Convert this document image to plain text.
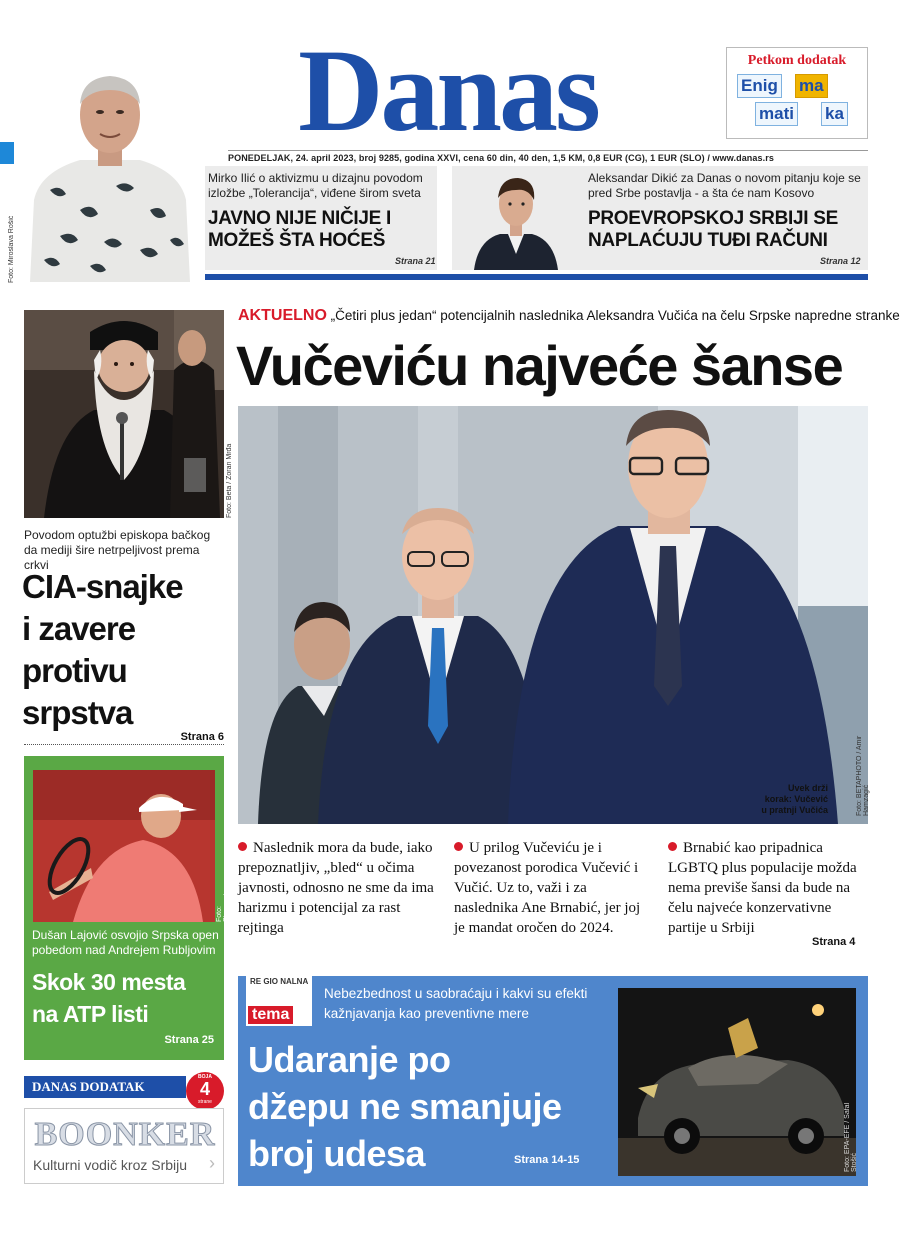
Danas
PONEDELJAK, 24. april 2023, broj 9285, godina XXVI, cena 60 din, 40 den, 1,5 KM, 0,8 EUR (CG), 1 EUR (SLO) / www.danas.rs
Petkom dodatak
Enig ma
mati ka
Foto: Miroslava Rošić
Mirko Ilić o aktivizmu u dizajnu povodom izložbe „Tolerancija“, viđene širom sveta
JAVNO NIJE NIČIJE I
MOŽEŠ ŠTA HOĆEŠ
Strana 21
Aleksandar Dikić za Danas o novom pitanju koje se pred Srbe postavlja - a šta će nam Kosovo
PROEVROPSKOJ SRBIJI SE
NAPLAĆUJU TUĐI RAČUNI
Strana 12
Foto: Beta / Zoran Mrđa
Povodom optužbi episkopa bačkog da mediji šire netrpeljivost prema crkvi
CIA-snajke
i zavere
protivu
srpstva
Strana 6
Foto: Starsport
Dušan Lajović osvojio Srpska open pobedom nad Andrejem Rubljovim
Skok 30 mesta
na ATP listi
Strana 25
DANAS DODATAK
BOJA
4
strane
BOONKER
Kulturni vodič kroz Srbiju ›
AKTUELNO „Četiri plus jedan“ potencijalnih naslednika Aleksandra Vučića na čelu Srpske napredne stranke
Vučeviću najveće šanse
Uvek drži
korak: Vučević
u pratnji Vučića	Foto: BETAPHOTO / Amir Hamzagić
Naslednik mora da bude, iako prepoznatljiv, „bled“ u očima javnosti, odnosno ne sme da ima harizmu i potencijal za rast rejtinga
U prilog Vučeviću je i povezanost porodica Vučević i Vučić. Uz to, važi i za naslednika Ane Brnabić, jer joj je mandat oročen do 2024.
Brnabić kao pripadnica LGBTQ plus populacije možda nema previše šansi da bude na čelu najveće konzervativne partije u Srbiji
Strana 4
RE GIO NALNA
tema
Nebezbednost u saobraćaju i kakvi su efekti kažnjavanja kao preventivne mere
Udaranje po
džepu ne smanjuje
broj udesa	Strana 14-15	Foto: EPA-EFE / Safal Stošić
